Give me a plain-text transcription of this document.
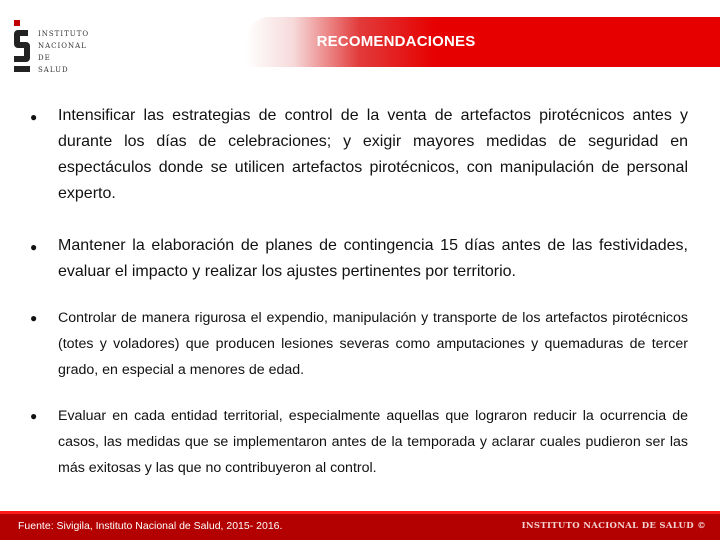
INSTITUTO
NACIONAL DE
SALUD
RECOMENDACIONES
● Intensificar las estrategias de control de la venta de artefactos pirotécnicos antes y durante los días de celebraciones; y exigir mayores medidas de seguridad en espectáculos donde se utilicen artefactos pirotécnicos, con manipulación de personal experto.
● Mantener la elaboración de planes de contingencia 15 días antes de las festividades, evaluar el impacto y realizar los ajustes pertinentes por territorio.
● Controlar de manera rigurosa el expendio, manipulación y transporte de los artefactos pirotécnicos (totes y voladores) que producen lesiones severas como amputaciones y quemaduras de tercer grado, en especial a menores de edad.
● Evaluar en cada entidad territorial, especialmente aquellas que lograron reducir la ocurrencia de casos, las medidas que se implementaron antes de la temporada y aclarar cuales pudieron ser las más exitosas y las que no contribuyeron al control.
Fuente: Sivigila, Instituto Nacional de Salud, 2015- 2016.	INSTITUTO NACIONAL DE SALUD ©
